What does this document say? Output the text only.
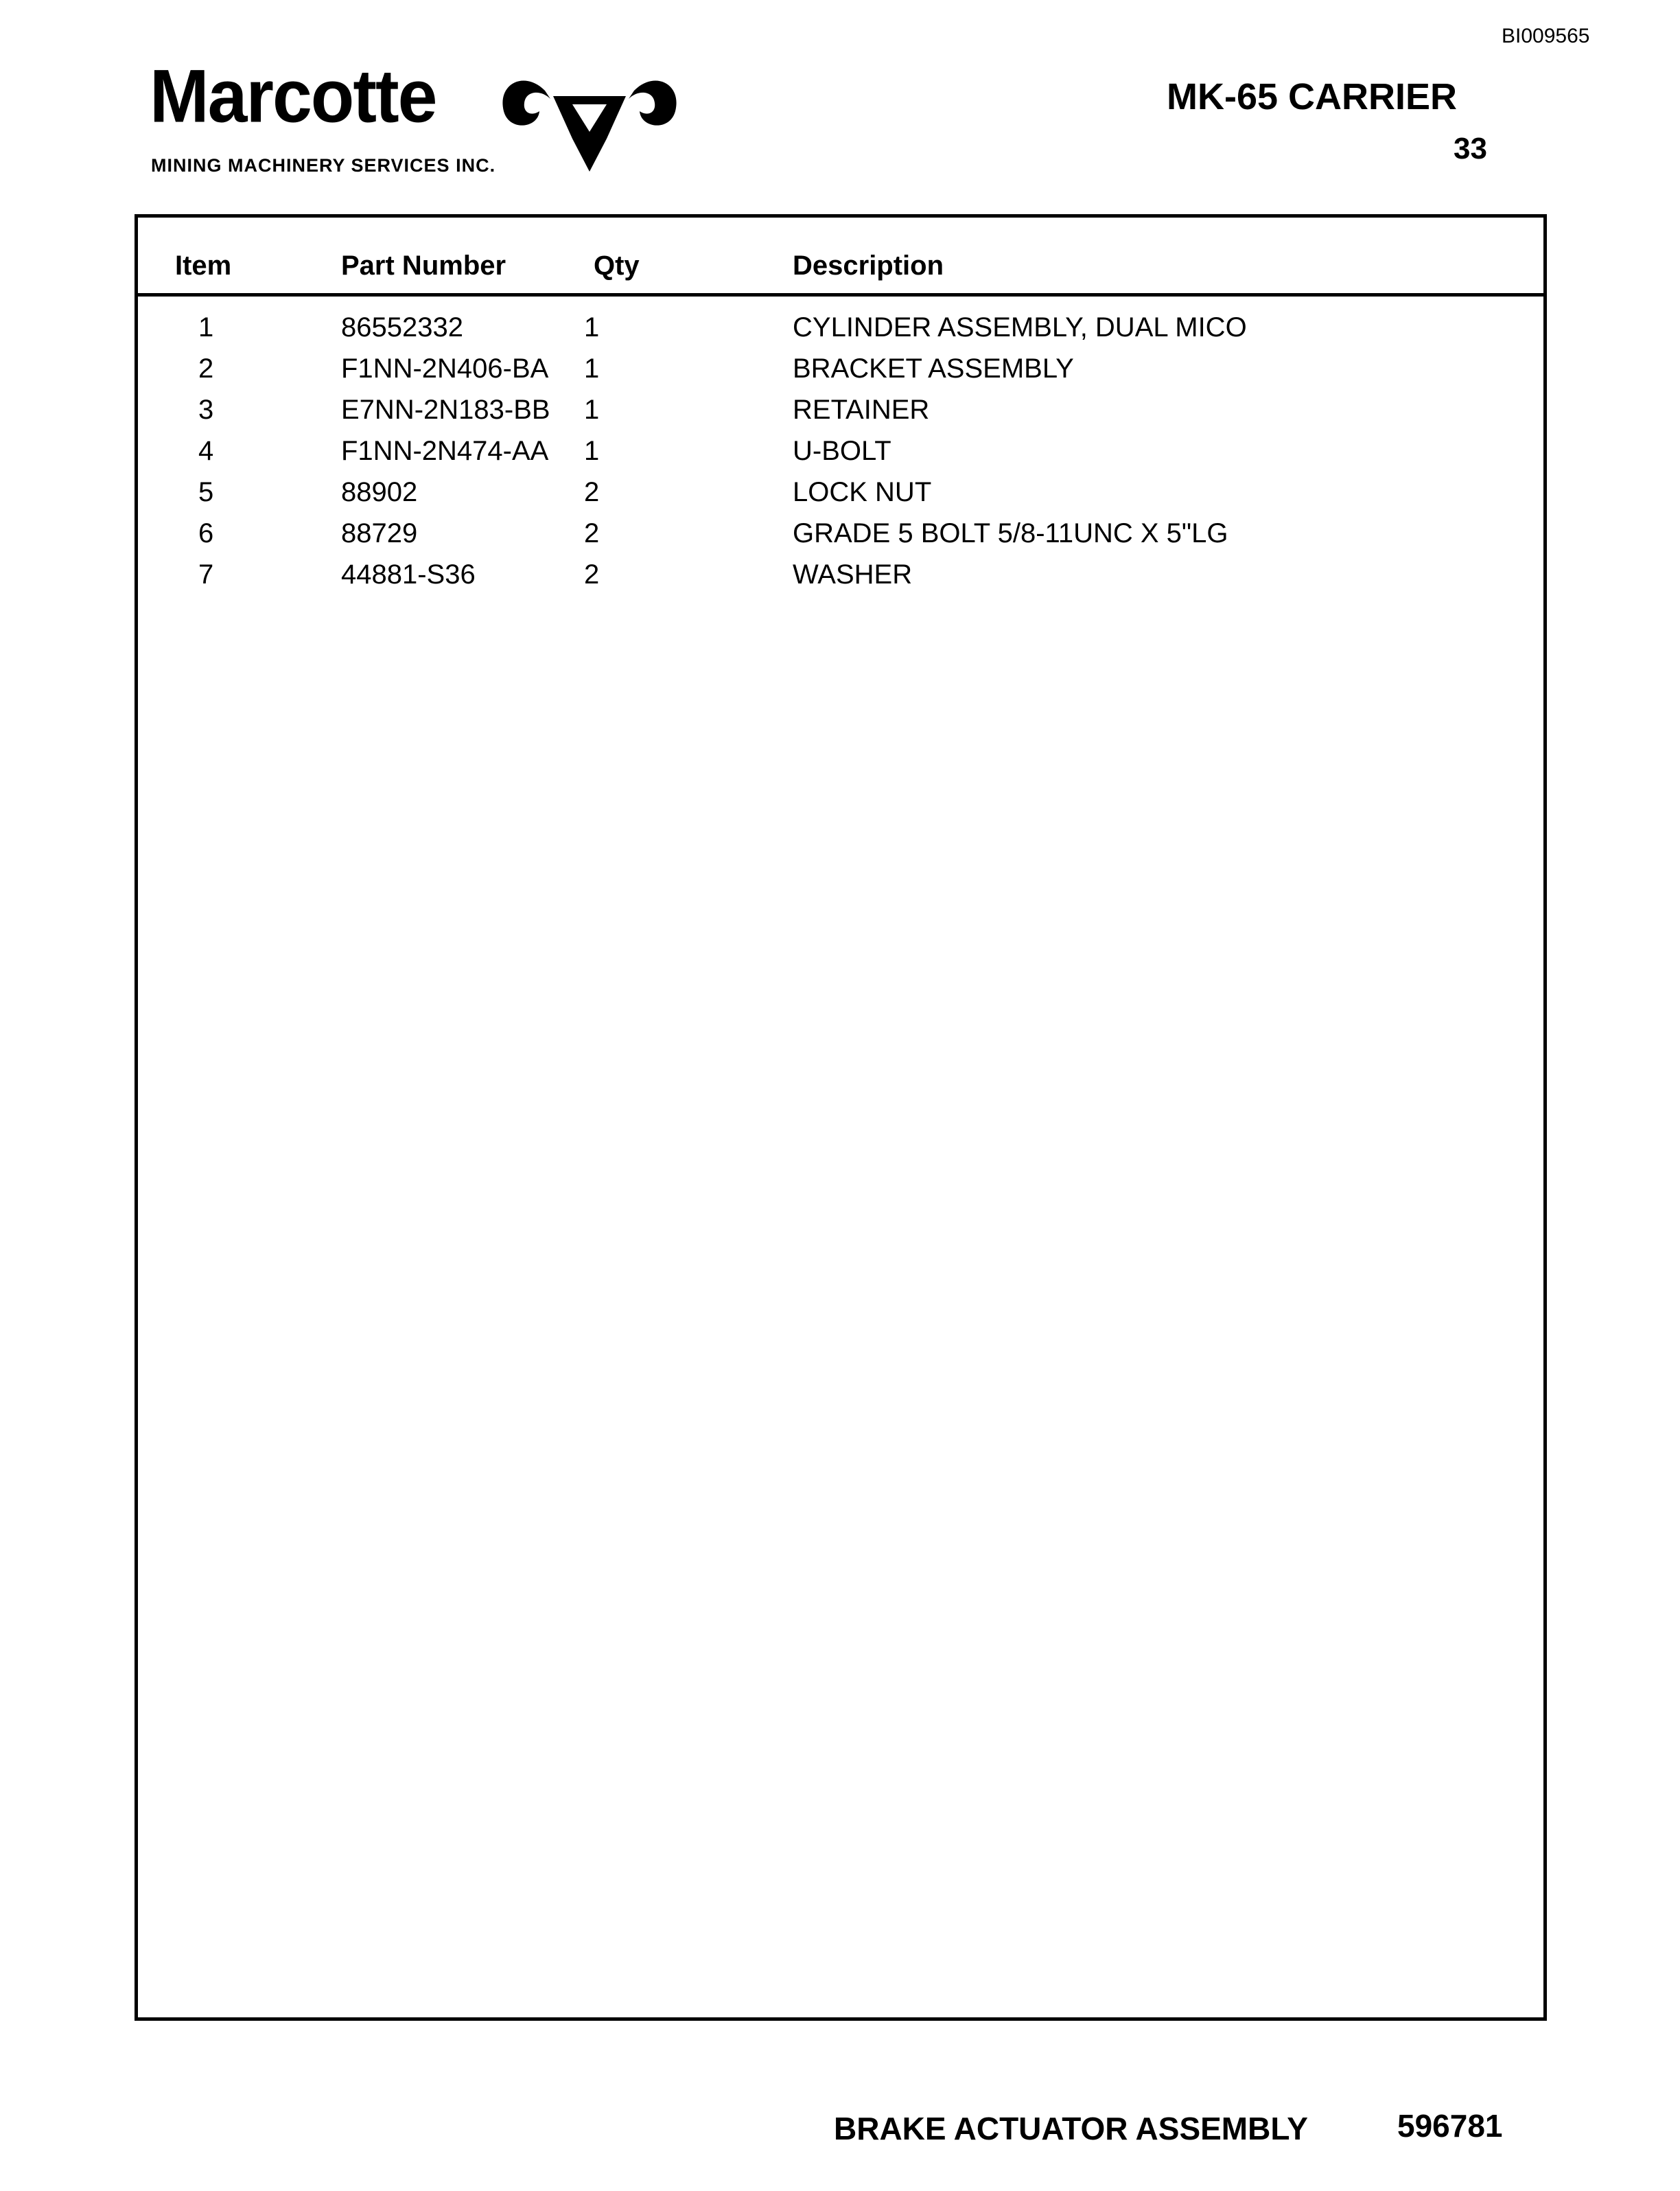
BI009565
Marcotte
MINING MACHINERY SERVICES INC.
MK-65 CARRIER
33
Item	Part Number	Qty	Description
1	86552332	1	CYLINDER ASSEMBLY, DUAL MICO
2	F1NN-2N406-BA 1	BRACKET ASSEMBLY
3	E7NN-2N183-BB 1	RETAINER
4	F1NN-2N474-AA 1	U-BOLT
5	88902	2	LOCK NUT
6	88729	2	GRADE 5 BOLT 5/8-11UNC X 5"LG
7	44881-S36	2	WASHER
BRAKE ACTUATOR ASSEMBLY	596781
